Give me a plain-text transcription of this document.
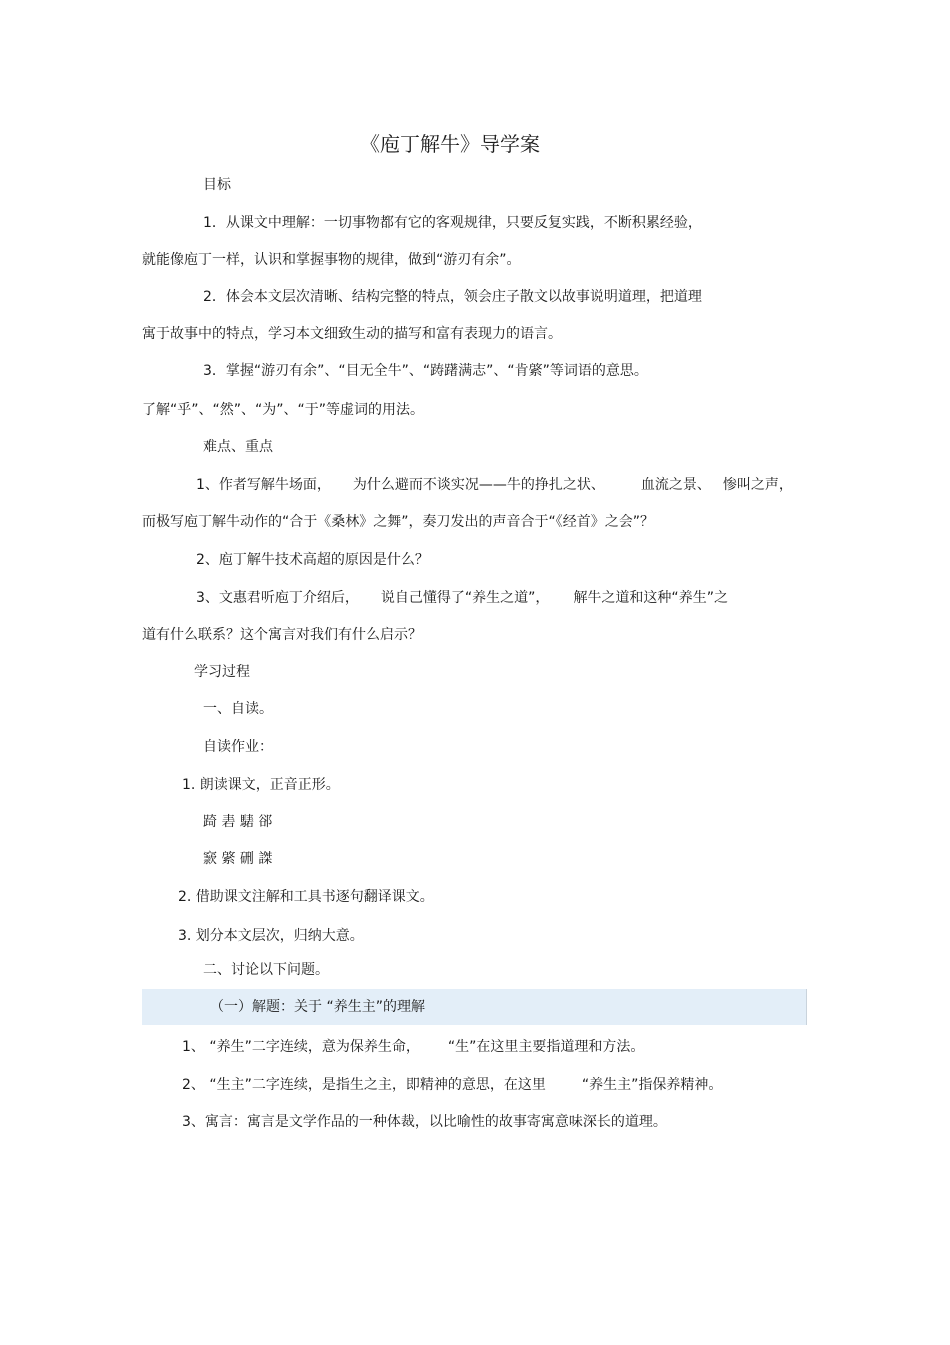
《庖丁解牛》导学案

目标

1．从课文中理解：一切事物都有它的客观规律，只要反复实践，不断积累经验，

就能像庖丁一样，认识和掌握事物的规律，做到“游刃有余”。

2．体会本文层次清晰、结构完整的特点，领会庄子散文以故事说明道理，把道理

寓于故事中的特点，学习本文细致生动的描写和富有表现力的语言。

3．掌握“游刃有余”、“目无全牛”、“踌躇满志”、“肯綮”等词语的意思。

了解“乎”、“然”、“为”、“于”等虚词的用法。

难点、重点

1、作者写解牛场面， 为什么避而不谈实况——牛的挣扎之状、	血流之景、 惨叫之声，

而极写庖丁解牛动作的“合于《桑林》之舞”，奏刀发出的声音合于“《经首》之会”？

2、庖丁解牛技术高超的原因是什么？

3、文惠君听庖丁介绍后， 说自己懂得了“养生之道”， 解牛之道和这种“养生”之

道有什么联系？这个寓言对我们有什么启示？

学习过程

一、自读。

自读作业：

1. 朗读课文，正音正形。

踦 砉 騞 郤

窾 綮 硎 謋

2. 借助课文注解和工具书逐句翻译课文。

3. 划分本文层次，归纳大意。

二、讨论以下问题。

（一）解题：关于 “养生主”的理解

1、 “养生”二字连续，意为保养生命， “生”在这里主要指道理和方法。

2、 “生主”二字连续，是指生之主，即精神的意思，在这里	“养生主”指保养精神。

3、寓言：寓言是文学作品的一种体裁，以比喻性的故事寄寓意味深长的道理。
